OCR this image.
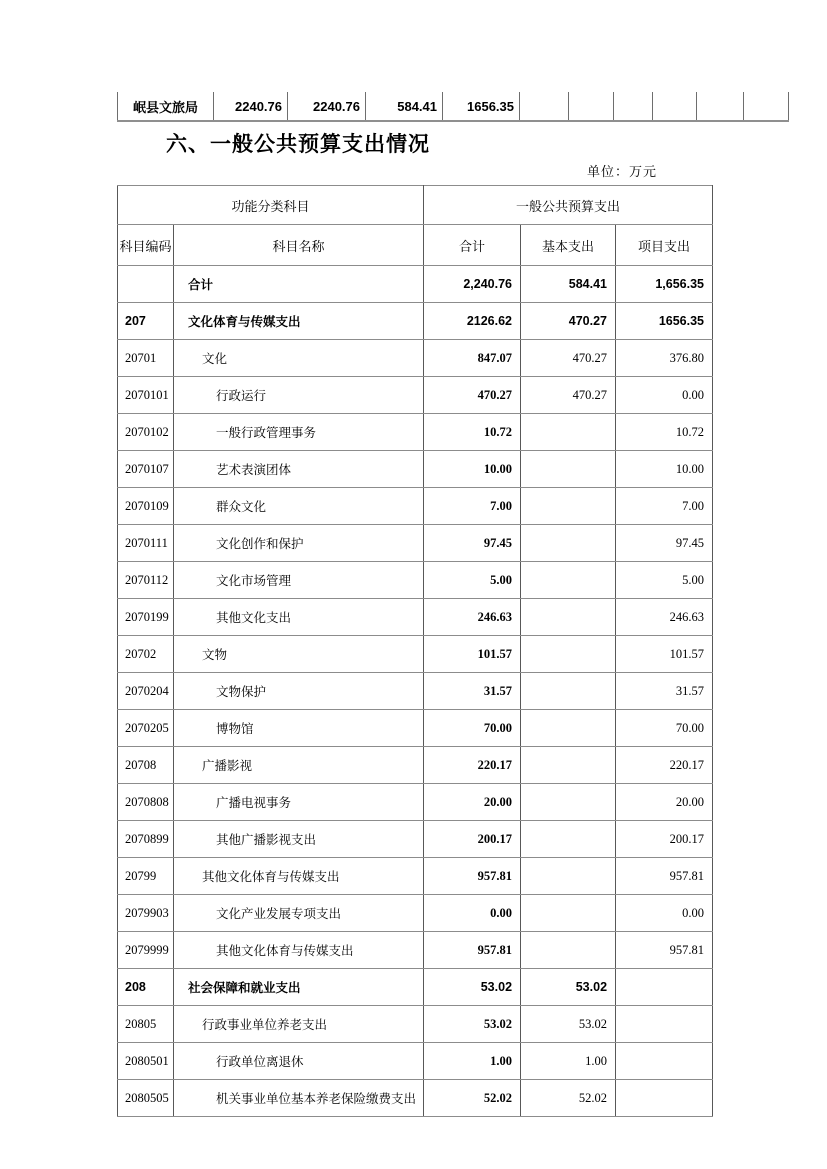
岷县文旅局	2240.76	2240.76	584.41	1656.35						
六、一般公共预算支出情况
单位：万元
功能分类科目		一般公共预算支出		
科目编码	科目名称	合计	基本支出	项目支出
	合计	2,240.76	584.41	1,656.35
207	文化体育与传媒支出	2126.62	470.27	1656.35
20701	文化	847.07	470.27	376.80
2070101	行政运行	470.27	470.27	0.00
2070102	一般行政管理事务	10.72		10.72
2070107	艺术表演团体	10.00		10.00
2070109	群众文化	7.00		7.00
2070111	文化创作和保护	97.45		97.45
2070112	文化市场管理	5.00		5.00
2070199	其他文化支出	246.63		246.63
20702	文物	101.57		101.57
2070204	文物保护	31.57		31.57
2070205	博物馆	70.00		70.00
20708	广播影视	220.17		220.17
2070808	广播电视事务	20.00		20.00
2070899	其他广播影视支出	200.17		200.17
20799	其他文化体育与传媒支出	957.81		957.81
2079903	文化产业发展专项支出	0.00		0.00
2079999	其他文化体育与传媒支出	957.81		957.81
208	社会保障和就业支出	53.02	53.02	
20805	行政事业单位养老支出	53.02	53.02	
2080501	行政单位离退休	1.00	1.00	
2080505	机关事业单位基本养老保险缴费支出	52.02	52.02	
